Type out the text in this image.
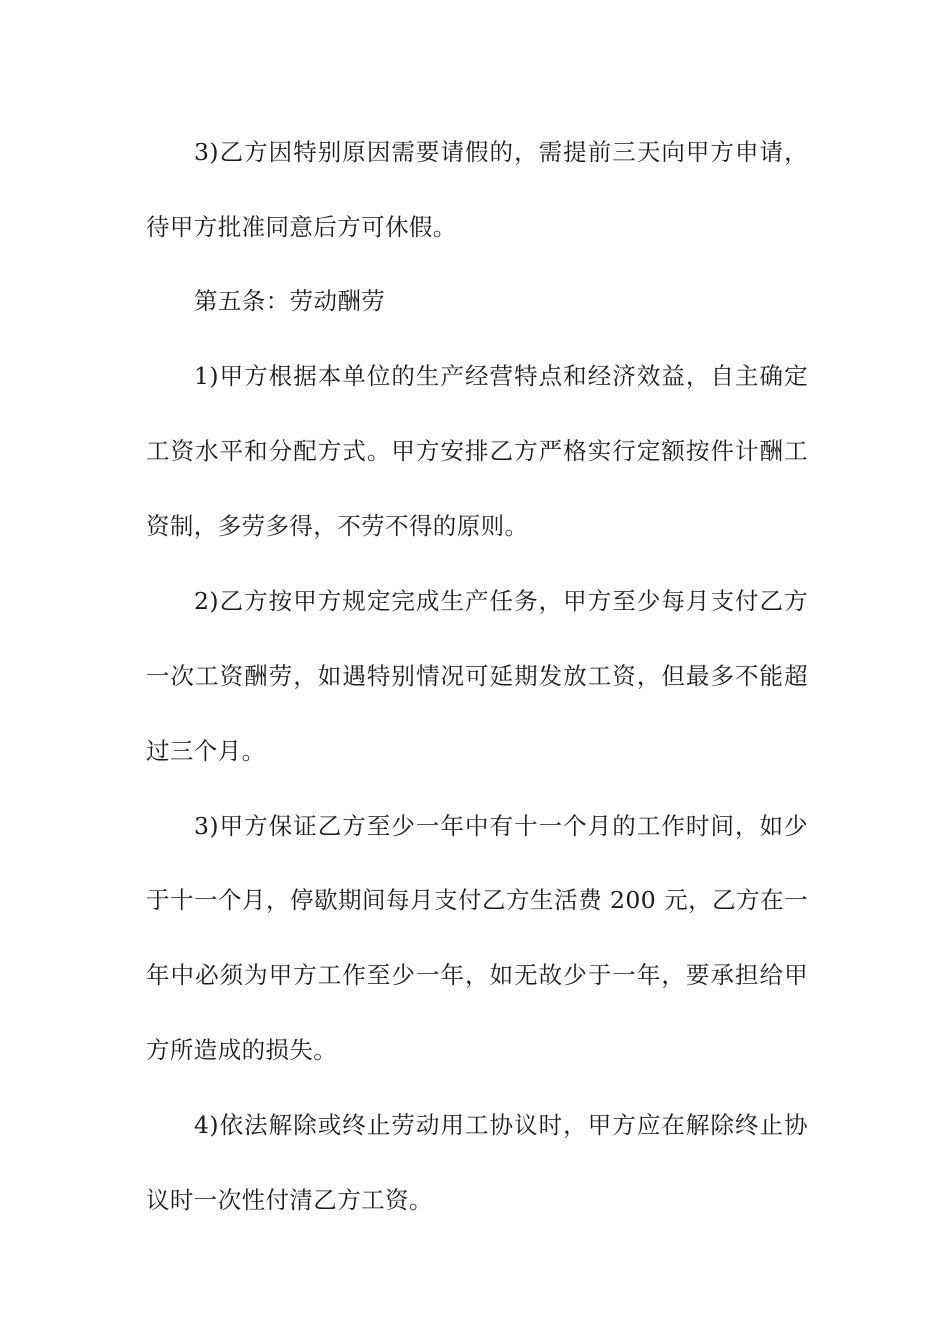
3)乙方因特别原因需要请假的，需提前三天向甲方申请，
待甲方批准同意后方可休假。
第五条：劳动酬劳
1)甲方根据本单位的生产经营特点和经济效益，自主确定
工资水平和分配方式。甲方安排乙方严格实行定额按件计酬工
资制，多劳多得，不劳不得的原则。
2)乙方按甲方规定完成生产任务，甲方至少每月支付乙方
一次工资酬劳，如遇特别情况可延期发放工资，但最多不能超
过三个月。
3)甲方保证乙方至少一年中有十一个月的工作时间，如少
于十一个月，停歇期间每月支付乙方生活费 200 元，乙方在一
年中必须为甲方工作至少一年，如无故少于一年，要承担给甲
方所造成的损失。
4)依法解除或终止劳动用工协议时，甲方应在解除终止协
议时一次性付清乙方工资。
